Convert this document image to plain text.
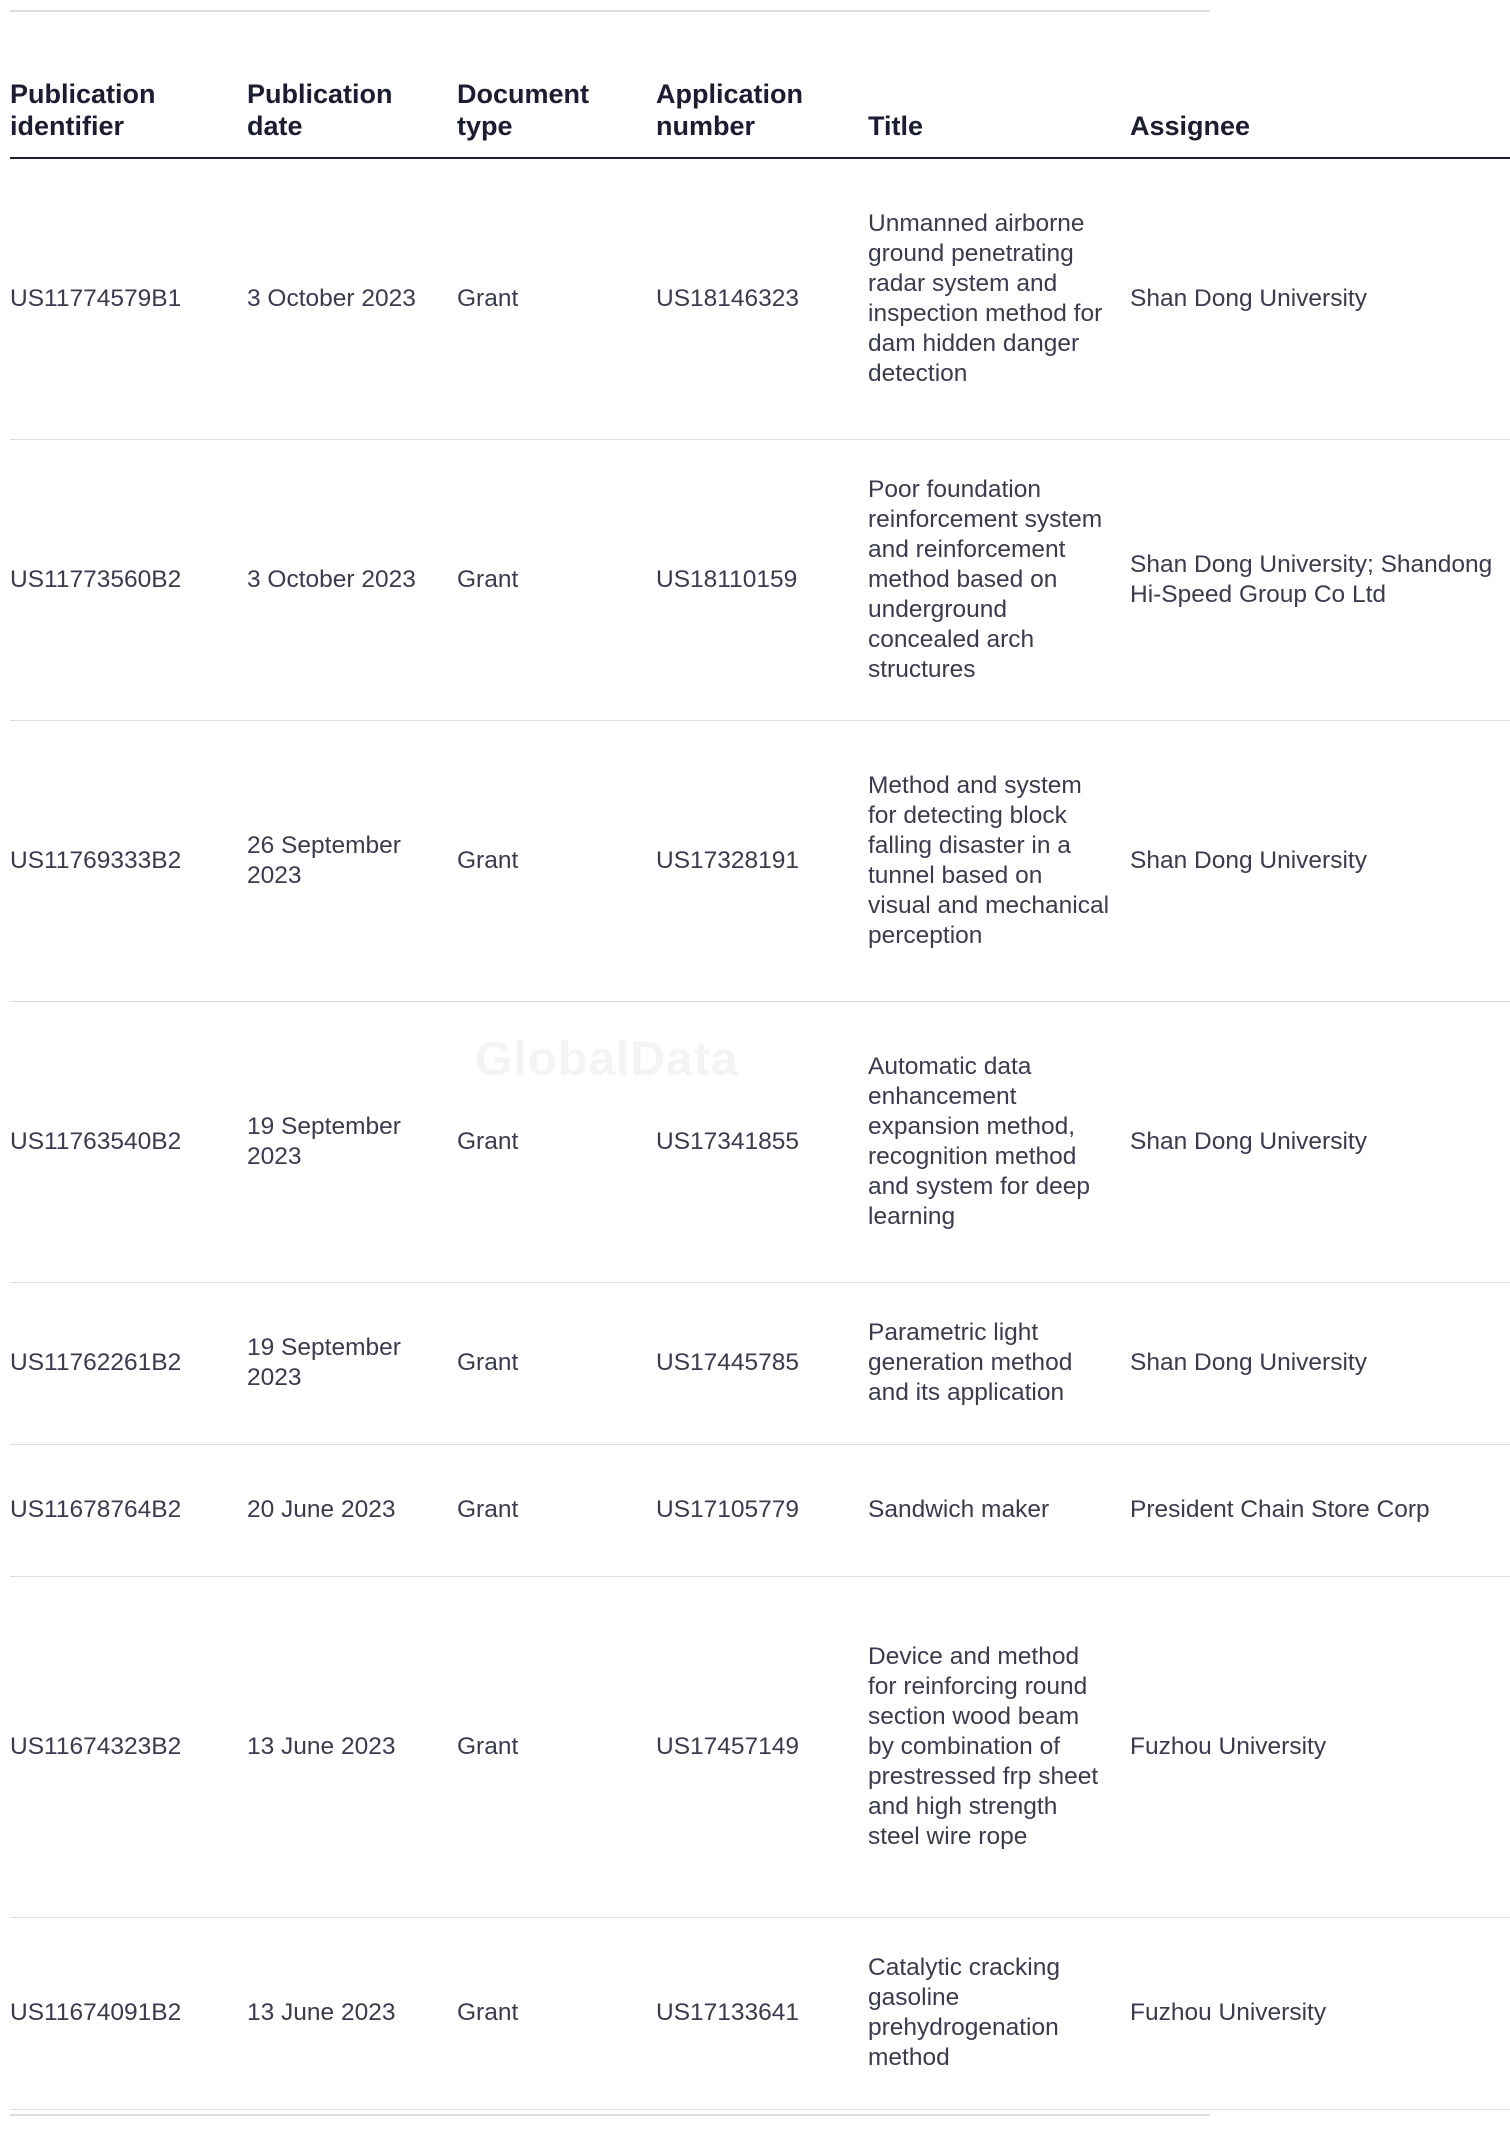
Publication identifier	Publication date	Document type	Application number	Title	Assignee
US11774579B1	3 October 2023	Grant	US18146323	Unmanned airborne ground penetrating radar system and inspection method for dam hidden danger detection	Shan Dong University
US11773560B2	3 October 2023	Grant	US18110159	Poor foundation reinforcement system and reinforcement method based on underground concealed arch structures	Shan Dong University; Shandong Hi-Speed Group Co Ltd
US11769333B2	26 September 2023	Grant	US17328191	Method and system for detecting block falling disaster in a tunnel based on visual and mechanical perception	Shan Dong University
US11763540B2	19 September 2023	Grant	US17341855	Automatic data enhancement expansion method, recognition method and system for deep learning	Shan Dong University
US11762261B2	19 September 2023	Grant	US17445785	Parametric light generation method and its application	Shan Dong University
US11678764B2	20 June 2023	Grant	US17105779	Sandwich maker	President Chain Store Corp
US11674323B2	13 June 2023	Grant	US17457149	Device and method for reinforcing round section wood beam by combination of prestressed frp sheet and high strength steel wire rope	Fuzhou University
US11674091B2	13 June 2023	Grant	US17133641	Catalytic cracking gasoline prehydrogenation method	Fuzhou University
GlobalData
